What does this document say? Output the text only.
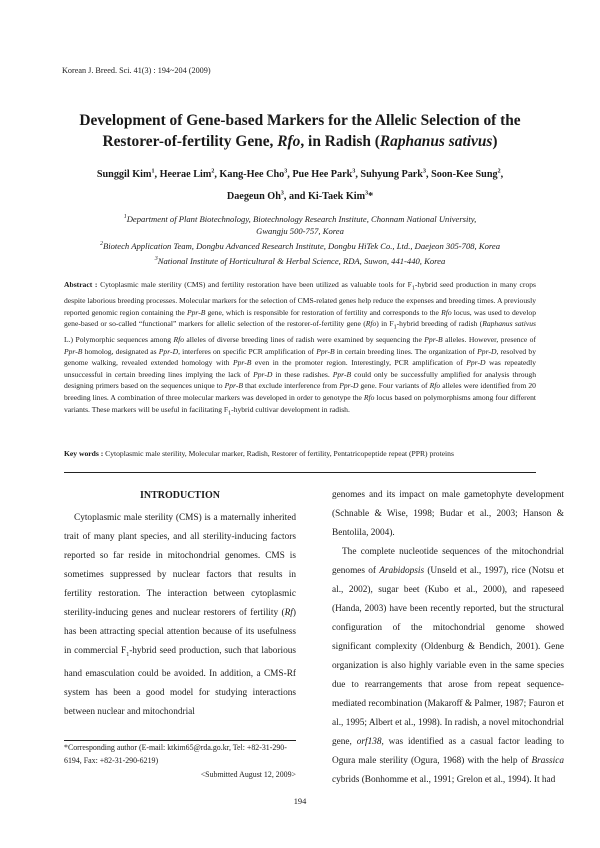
Korean J. Breed. Sci. 41(3) : 194~204 (2009)
Development of Gene-based Markers for the Allelic Selection of the
Restorer-of-fertility Gene, Rfo, in Radish (Raphanus sativus)
Sunggil Kim$^1$, Heerae Lim$^2$, Kang-Hee Cho$^3$, Pue Hee Park$^3$, Suhyung Park$^3$, Soon-Kee Sung$^2$,
Daegeun Oh$^3$, and Ki-Taek Kim$^3$*
$^1$Department of Plant Biotechnology, Biotechnology Research Institute, Chonnam National University,
Gwangju 500-757, Korea
$^2$Biotech Application Team, Dongbu Advanced Research Institute, Dongbu HiTek Co., Ltd., Daejeon 305-708, Korea
$^3$National Institute of Horticultural & Herbal Science, RDA, Suwon, 441-440, Korea
Abstract : Cytoplasmic male sterility (CMS) and fertility restoration have been utilized as valuable tools for $F_1$-hybrid seed production in many crops despite laborious breeding processes. Molecular markers for the selection of CMS-related genes help reduce the expenses and breeding times. A previously reported genomic region containing the Ppr-B gene, which is responsible for restoration of fertility and corresponds to the Rfo locus, was used to develop gene-based or so-called “functional” markers for allelic selection of the restorer-of-fertility gene (Rfo) in $F_1$-hybrid breeding of radish (Raphanus sativus L.) Polymorphic sequences among Rfo alleles of diverse breeding lines of radish were examined by sequencing the Ppr-B alleles. However, presence of Ppr-B homolog, designated as Ppr-D, interferes on specific PCR amplification of Ppr-B in certain breeding lines. The organization of Ppr-D, resolved by genome walking, revealed extended homology with Ppr-B even in the promoter region. Interestingly, PCR amplification of Ppr-D was repeatedly unsuccessful in certain breeding lines implying the lack of Ppr-D in these radishes. Ppr-B could only be successfully amplified for analysis through designing primers based on the sequences unique to Ppr-B that exclude interference from Ppr-D gene. Four variants of Rfo alleles were identified from 20 breeding lines. A combination of three molecular markers was developed in order to genotype the Rfo locus based on polymorphisms among four different variants. These markers will be useful in facilitating $F_1$-hybrid cultivar development in radish.
Key words : Cytoplasmic male sterility, Molecular marker, Radish, Restorer of fertility, Pentatricopeptide repeat (PPR) proteins
INTRODUCTION

Cytoplasmic male sterility (CMS) is a maternally inherited trait of many plant species, and all sterility-inducing factors reported so far reside in mitochondrial genomes. CMS is sometimes suppressed by nuclear factors that results in fertility restoration. The interaction between cytoplasmic sterility-inducing genes and nuclear restorers of fertility (Rf) has been attracting special attention because of its usefulness in commercial $F_1$-hybrid seed production, such that laborious hand emasculation could be avoided. In addition, a CMS-Rf system has been a good model for studying interactions between nuclear and mitochondrial

genomes and its impact on male gametophyte development (Schnable & Wise, 1998; Budar et al., 2003; Hanson & Bentolila, 2004).

The complete nucleotide sequences of the mitochondrial genomes of Arabidopsis (Unseld et al., 1997), rice (Notsu et al., 2002), sugar beet (Kubo et al., 2000), and rapeseed (Handa, 2003) have been recently reported, but the structural configuration of the mitochondrial genome showed significant complexity (Oldenburg & Bendich, 2001). Gene organization is also highly variable even in the same species due to rearrangements that arose from repeat sequence-mediated recombination (Makaroff & Palmer, 1987; Fauron et al., 1995; Albert et al., 1998). In radish, a novel mitochondrial gene, orf138, was identified as a casual factor leading to Ogura male sterility (Ogura, 1968) with the help of Brassica cybrids (Bonhomme et al., 1991; Grelon et al., 1994). It had

*Corresponding author (E-mail: ktkim65@rda.go.kr, Tel: +82-31-290-6194, Fax: +82-31-290-6219)
<Submitted August 12, 2009>
194
